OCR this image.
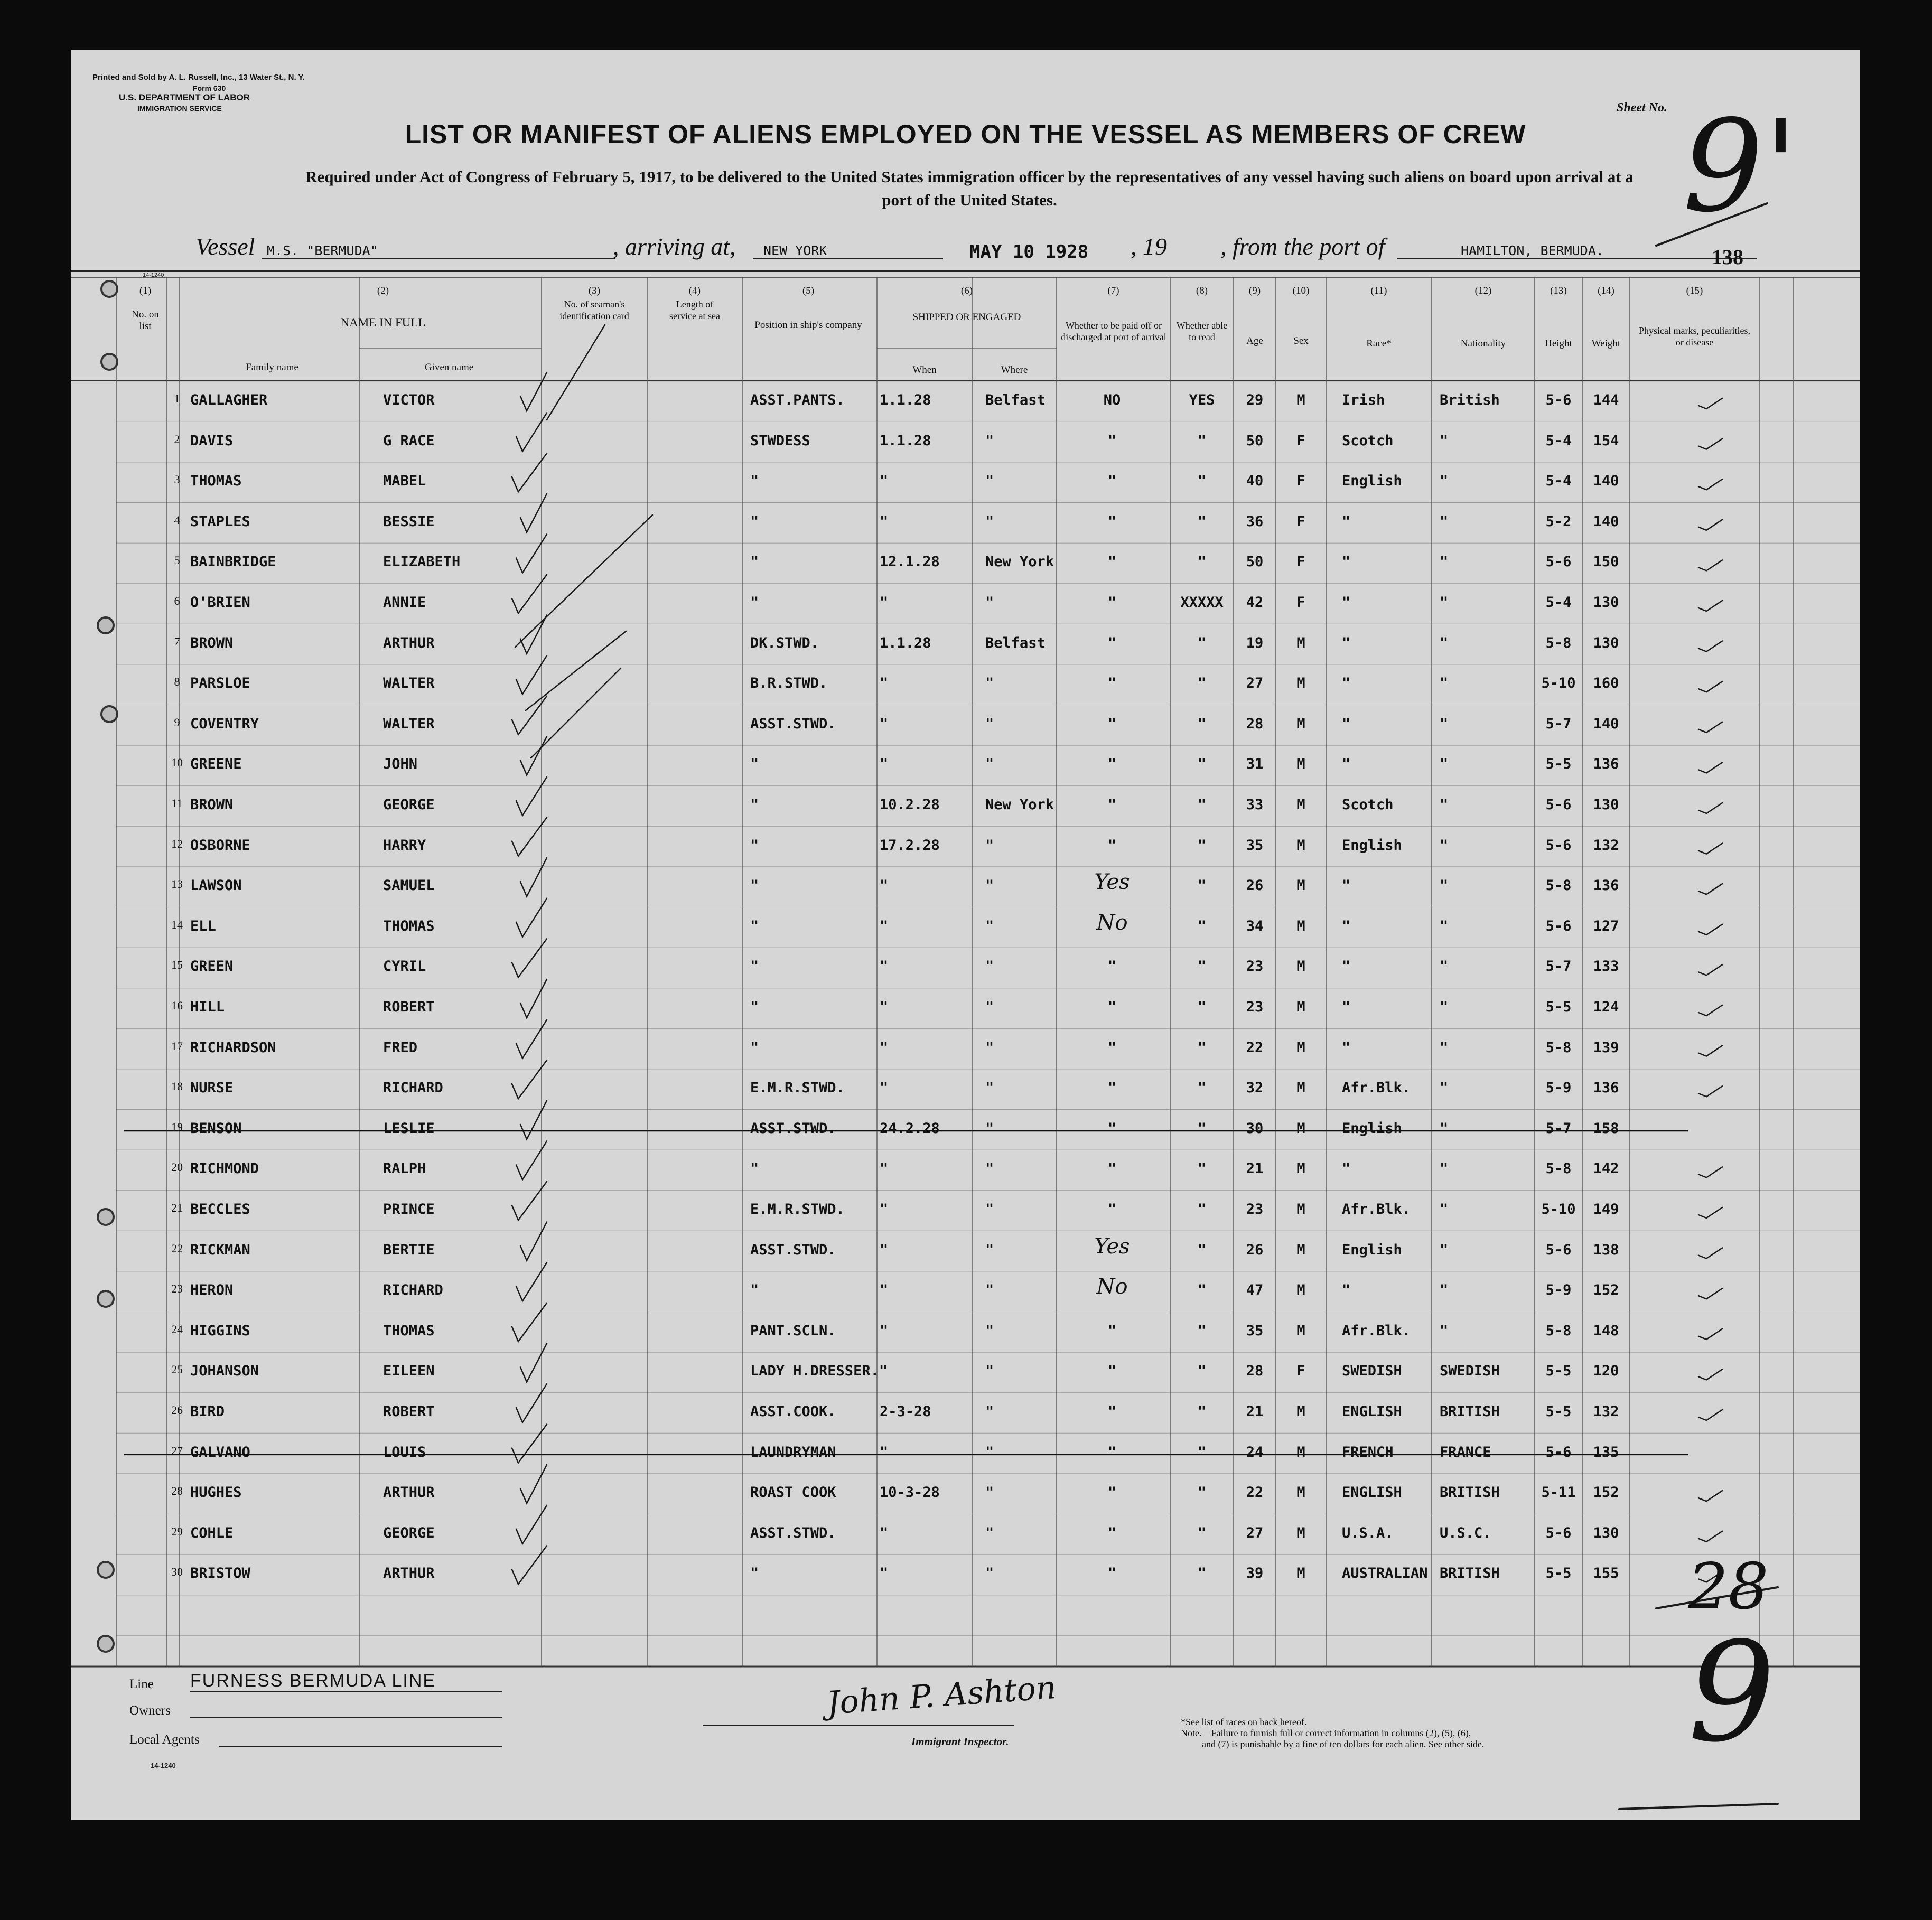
Printed and Sold by A. L. Russell, Inc., 13 Water St., N. Y.
Form 630
U.S. DEPARTMENT OF LABOR
IMMIGRATION SERVICE	Sheet No. 9'
LIST OR MANIFEST OF ALIENS EMPLOYED ON THE VESSEL AS MEMBERS OF CREW
Required under Act of Congress of February 5, 1917, to be delivered to the United States immigration officer by the representatives of any vessel having such aliens on board upon arrival at a
port of the United States.
Vessel M.S. "BERMUDA"	, arriving at,	NEW YORK	MAY 10 1928 , 19 , from the port of	HAMILTON, BERMUDA.	138
14-1240
(1)
No. on list
(2)
NAME IN FULL
Family name	Given name
(3)
No. of seaman's identification card
(4)
Length of service at sea
(5)
Position in ship's company
(6)
SHIPPED OR ENGAGED
When	Where
(7)
Whether to be paid off or discharged at port of arrival
(8)
Whether able to read
(9)
Age
(10)
Sex
(11)
Race*
(12)
Nationality
(13)
Height
(14)
Weight
(15)
Physical marks, peculiarities, or disease
1 GALLAGHER	VICTOR	ASST.PANTS.	1.1.28	Belfast	NO	YES	29	M	Irish	British	5-6	144
2 DAVIS	G RACE	STWDESS	1.1.28	"	"	"	50	F	Scotch	"	5-4	154
3 THOMAS	MABEL	"	"	"	"	"	40	F	English	"	5-4	140
4 STAPLES	BESSIE	"	"	"	"	"	36	F	"	"	5-2	140
5 BAINBRIDGE	ELIZABETH	"	12.1.28	New York	"	"	50	F	"	"	5-6	150
6 O'BRIEN	ANNIE	"	"	"	"	XXXXX	42	F	"	"	5-4	130
7 BROWN	ARTHUR	DK.STWD.	1.1.28	Belfast	"	"	19	M	"	"	5-8	130
8 PARSLOE	WALTER	B.R.STWD.	"	"	"	"	27	M	"	"	5-10	160
9 COVENTRY	WALTER	ASST.STWD.	"	"	"	"	28	M	"	"	5-7	140
10 GREENE	JOHN	"	"	"	"	"	31	M	"	"	5-5	136
11 BROWN	GEORGE	"	10.2.28	New York	"	"	33	M	Scotch	"	5-6	130
12 OSBORNE	HARRY	"	17.2.28	"	"	"	35	M	English	"	5-6	132
13 LAWSON	SAMUEL	"	"	"	Yes	"	26	M	"	"	5-8	136
14 ELL	THOMAS	"	"	"	No	"	34	M	"	"	5-6	127
15 GREEN	CYRIL	"	"	"	"	"	23	M	"	"	5-7	133
16 HILL	ROBERT	"	"	"	"	"	23	M	"	"	5-5	124
17 RICHARDSON	FRED	"	"	"	"	"	22	M	"	"	5-8	139
18 NURSE	RICHARD	E.M.R.STWD.	"	"	"	"	32	M	Afr.Blk.	"	5-9	136
19 BENSON	LESLIE	ASST.STWD.	24.2.28	"	"	"	30	M	English	"	5-7	158
20 RICHMOND	RALPH	"	"	"	"	"	21	M	"	"	5-8	142
21 BECCLES	PRINCE	E.M.R.STWD.	"	"	"	"	23	M	Afr.Blk.	"	5-10	149
22 RICKMAN	BERTIE	ASST.STWD.	"	"	Yes	"	26	M	English	"	5-6	138
23 HERON	RICHARD	"	"	"	No	"	47	M	"	"	5-9	152
24 HIGGINS	THOMAS	PANT.SCLN.	"	"	"	"	35	M	Afr.Blk.	"	5-8	148
25 JOHANSON	EILEEN	LADY H.DRESSER."	"	"	"	28	F	SWEDISH	SWEDISH	5-5	120
26 BIRD	ROBERT	ASST.COOK.	2-3-28	"	"	"	21	M	ENGLISH	BRITISH	5-5	132
27 GALVANO	LOUIS	LAUNDRYMAN	"	"	"	"	24	M	FRENCH	FRANCE	5-6	135
28 HUGHES	ARTHUR	ROAST COOK	10-3-28	"	"	"	22	M	ENGLISH	BRITISH	5-11	152
29 COHLE	GEORGE	ASST.STWD.	"	"	"	"	27	M	U.S.A.	U.S.C.	5-6	130
30 BRISTOW	ARTHUR	"	"	"	"	"	39	M	AUSTRALIAN BRITISH	5-5	155 28
Line FURNESS BERMUDA LINE
Owners
Local Agents
14-1240
John P. Ashton
Immigrant Inspector.
*See list of races on back hereof.
Note.—Failure to furnish full or correct information in columns (2), (5), (6),
and (7) is punishable by a fine of ten dollars for each alien. See other side. 9
